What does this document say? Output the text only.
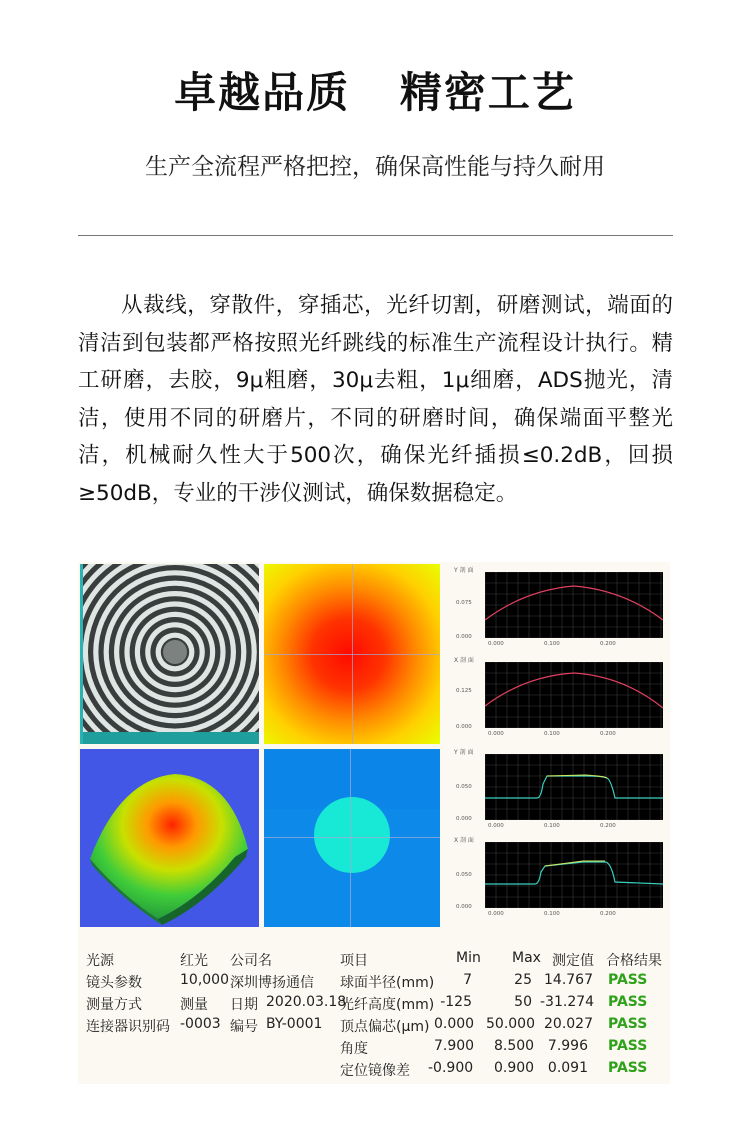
卓越品质   精密工艺
生产全流程严格把控，确保高性能与持久耐用

从裁线，穿散件，穿插芯，光纤切割，研磨测试，端面的清洁到包装都严格按照光纤跳线的标准生产流程设计执行。精工研磨，去胶，9μ粗磨，30μ去粗，1μ细磨，ADS抛光，清洁，使用不同的研磨片，不同的研磨时间，确保端面平整光洁，机械耐久性大于500次，确保光纤插损≤0.2dB，回损≥50dB，专业的干涉仪测试，确保数据稳定。

Y 剖 面
0.075
0.000
0.000	0.100	0.200
X 剖 面
0.125
0.000
0.000	0.100	0.200
Y 剖 面
0.050
0.000
0.000	0.100	0.200
X 剖 面
0.050
0.000
0.000	0.100	0.200
光源	红光
镜头参数	10,000
测量方式	测量
连接器识别码 -0003
公司名
深圳博扬通信
日期 2020.03.18
编号 BY-0001
项目	Min Max 测定值 合格结果
球面半径(mm) 7	25 14.767 PASS
光纤高度(mm) -125	50 -31.274 PASS
顶点偏芯(μm) 0.000 50.000 20.027 PASS
角度	7.900 8.500 7.996 PASS
定位镜像差 -0.900 0.900 0.091 PASS
